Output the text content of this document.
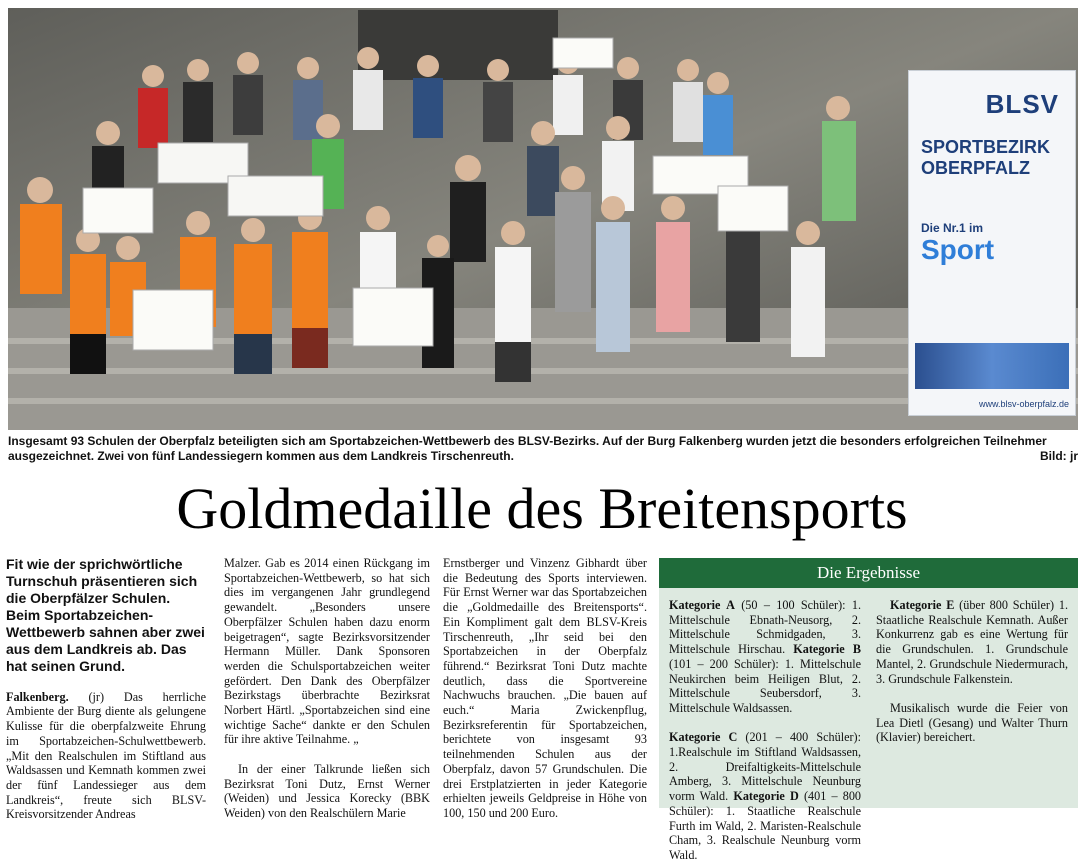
BLSV
SPORTBEZIRK OBERPFALZ
Die Nr.1 im
Sport
www.blsv-oberpfalz.de
Insgesamt 93 Schulen der Oberpfalz beteiligten sich am Sportabzeichen-Wettbewerb des BLSV-Bezirks. Auf der Burg Falkenberg wurden jetzt die besonders erfolgreichen Teilnehmer ausgezeichnet. Zwei von fünf Landessiegern kommen aus dem Landkreis Tirschenreuth.	Bild: jr
Goldmedaille des Breitensports

Fit wie der sprichwörtliche Turnschuh präsentieren sich die Oberpfälzer Schulen. Beim Sportabzeichen-Wettbewerb sahnen aber zwei aus dem Landkreis ab. Das hat seinen Grund.

Falkenberg. (jr) Das herrliche Ambiente der Burg diente als gelungene Kulisse für die oberpfalzweite Ehrung im Sportabzeichen-Schulwettbewerb. „Mit den Realschulen im Stiftland aus Waldsassen und Kemnath kommen zwei der fünf Landessieger aus dem Landkreis“, freute sich BLSV-Kreisvorsitzender Andreas

Malzer. Gab es 2014 einen Rückgang im Sportabzeichen-Wettbewerb, so hat sich dies im vergangenen Jahr grundlegend gewandelt. „Besonders unsere Oberpfälzer Schulen haben dazu enorm beigetragen“, sagte Bezirksvorsitzender Hermann Müller. Dank Sponsoren werden die Schulsportabzeichen weiter gefördert. Den Dank des Oberpfälzer Bezirkstags überbrachte Bezirksrat Norbert Härtl. „Sportabzeichen sind eine wichtige Sache“ dankte er den Schulen für ihre aktive Teilnahme. „

In der einer Talkrunde ließen sich Bezirksrat Toni Dutz, Ernst Werner (Weiden) und Jessica Korecky (BBK Weiden) von den Realschülern Marie

Ernstberger und Vinzenz Gibhardt über die Bedeutung des Sports interviewen. Für Ernst Werner war das Sportabzeichen die „Goldmedaille des Breitensports“. Ein Kompliment galt dem BLSV-Kreis Tirschenreuth, „Ihr seid bei den Sportabzeichen in der Oberpfalz führend.“ Bezirksrat Toni Dutz machte deutlich, dass die Sportvereine Nachwuchs brauchen. „Die bauen auf euch.“ Maria Zwickenpflug, Bezirksreferentin für Sportabzeichen, berichtete von insgesamt 93 teilnehmenden Schulen aus der Oberpfalz, davon 57 Grundschulen. Die drei Erstplatzierten in jeder Kategorie erhielten jeweils Geldpreise in Höhe von 100, 150 und 200 Euro.

Die Ergebnisse

Kategorie A (50 – 100 Schüler): 1. Mittelschule Ebnath-Neusorg, 2. Mittelschule Schmidgaden, 3. Mittelschule Hirschau. Kategorie B (101 – 200 Schüler): 1. Mittelschule Neukirchen beim Heiligen Blut, 2. Mittelschule Seubersdorf, 3. Mittelschule Waldsassen.

Kategorie C (201 – 400 Schüler): 1.Realschule im Stiftland Waldsassen, 2. Dreifaltigkeits-Mittelschule Amberg, 3. Mittelschule Neunburg vorm Wald. Kategorie D (401 – 800 Schüler): 1. Staatliche Realschule Furth im Wald, 2. Maristen-Realschule Cham, 3. Realschule Neunburg vorm Wald.

Kategorie E (über 800 Schüler) 1. Staatliche Realschule Kemnath. Außer Konkurrenz gab es eine Wertung für die Grundschulen. 1. Grundschule Mantel, 2. Grundschule Niedermurach, 3. Grundschule Falkenstein.

Musikalisch wurde die Feier von Lea Dietl (Gesang) und Walter Thurn (Klavier) bereichert.
